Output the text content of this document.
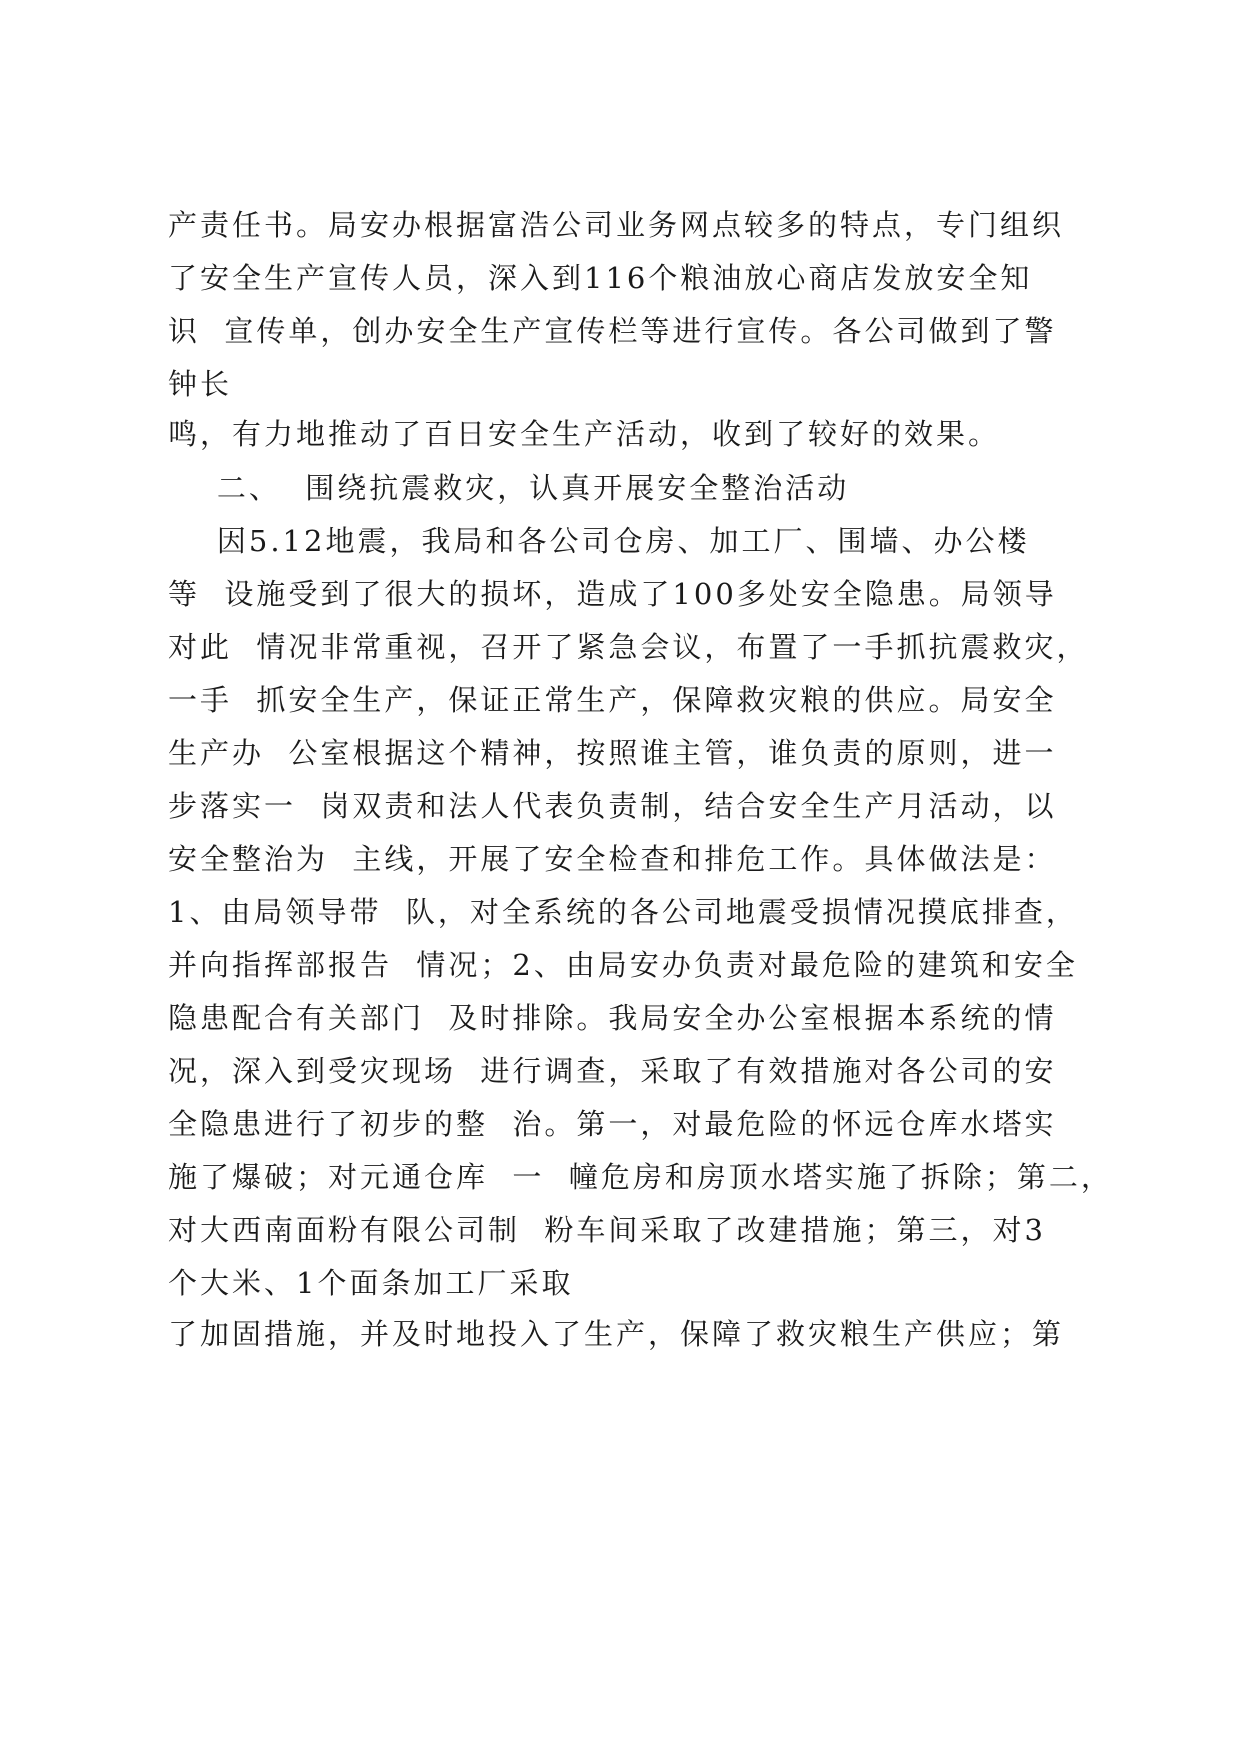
产责任书。局安办根据富浩公司业务网点较多的特点，专门组织
了安全生产宣传人员，深入到116个粮油放心商店发放安全知
识  宣传单，创办安全生产宣传栏等进行宣传。各公司做到了警
钟长
鸣，有力地推动了百日安全生产活动，收到了较好的效果。
二、  围绕抗震救灾，认真开展安全整治活动
因5.12地震，我局和各公司仓房、加工厂、围墙、办公楼
等  设施受到了很大的损坏，造成了100多处安全隐患。局领导
对此  情况非常重视，召开了紧急会议，布置了一手抓抗震救灾，
一手  抓安全生产，保证正常生产，保障救灾粮的供应。局安全
生产办  公室根据这个精神，按照谁主管，谁负责的原则，进一
步落实一  岗双责和法人代表负责制，结合安全生产月活动，以
安全整治为  主线，开展了安全检查和排危工作。具体做法是：
1、由局领导带  队，对全系统的各公司地震受损情况摸底排查，
并向指挥部报告  情况；2、由局安办负责对最危险的建筑和安全
隐患配合有关部门  及时排除。我局安全办公室根据本系统的情
况，深入到受灾现场  进行调查，采取了有效措施对各公司的安
全隐患进行了初步的整  治。第一，对最危险的怀远仓库水塔实
施了爆破；对元通仓库  一  幢危房和房顶水塔实施了拆除；第二，
对大西南面粉有限公司制  粉车间采取了改建措施；第三，对3
个大米、1个面条加工厂采取
了加固措施，并及时地投入了生产，保障了救灾粮生产供应；第
